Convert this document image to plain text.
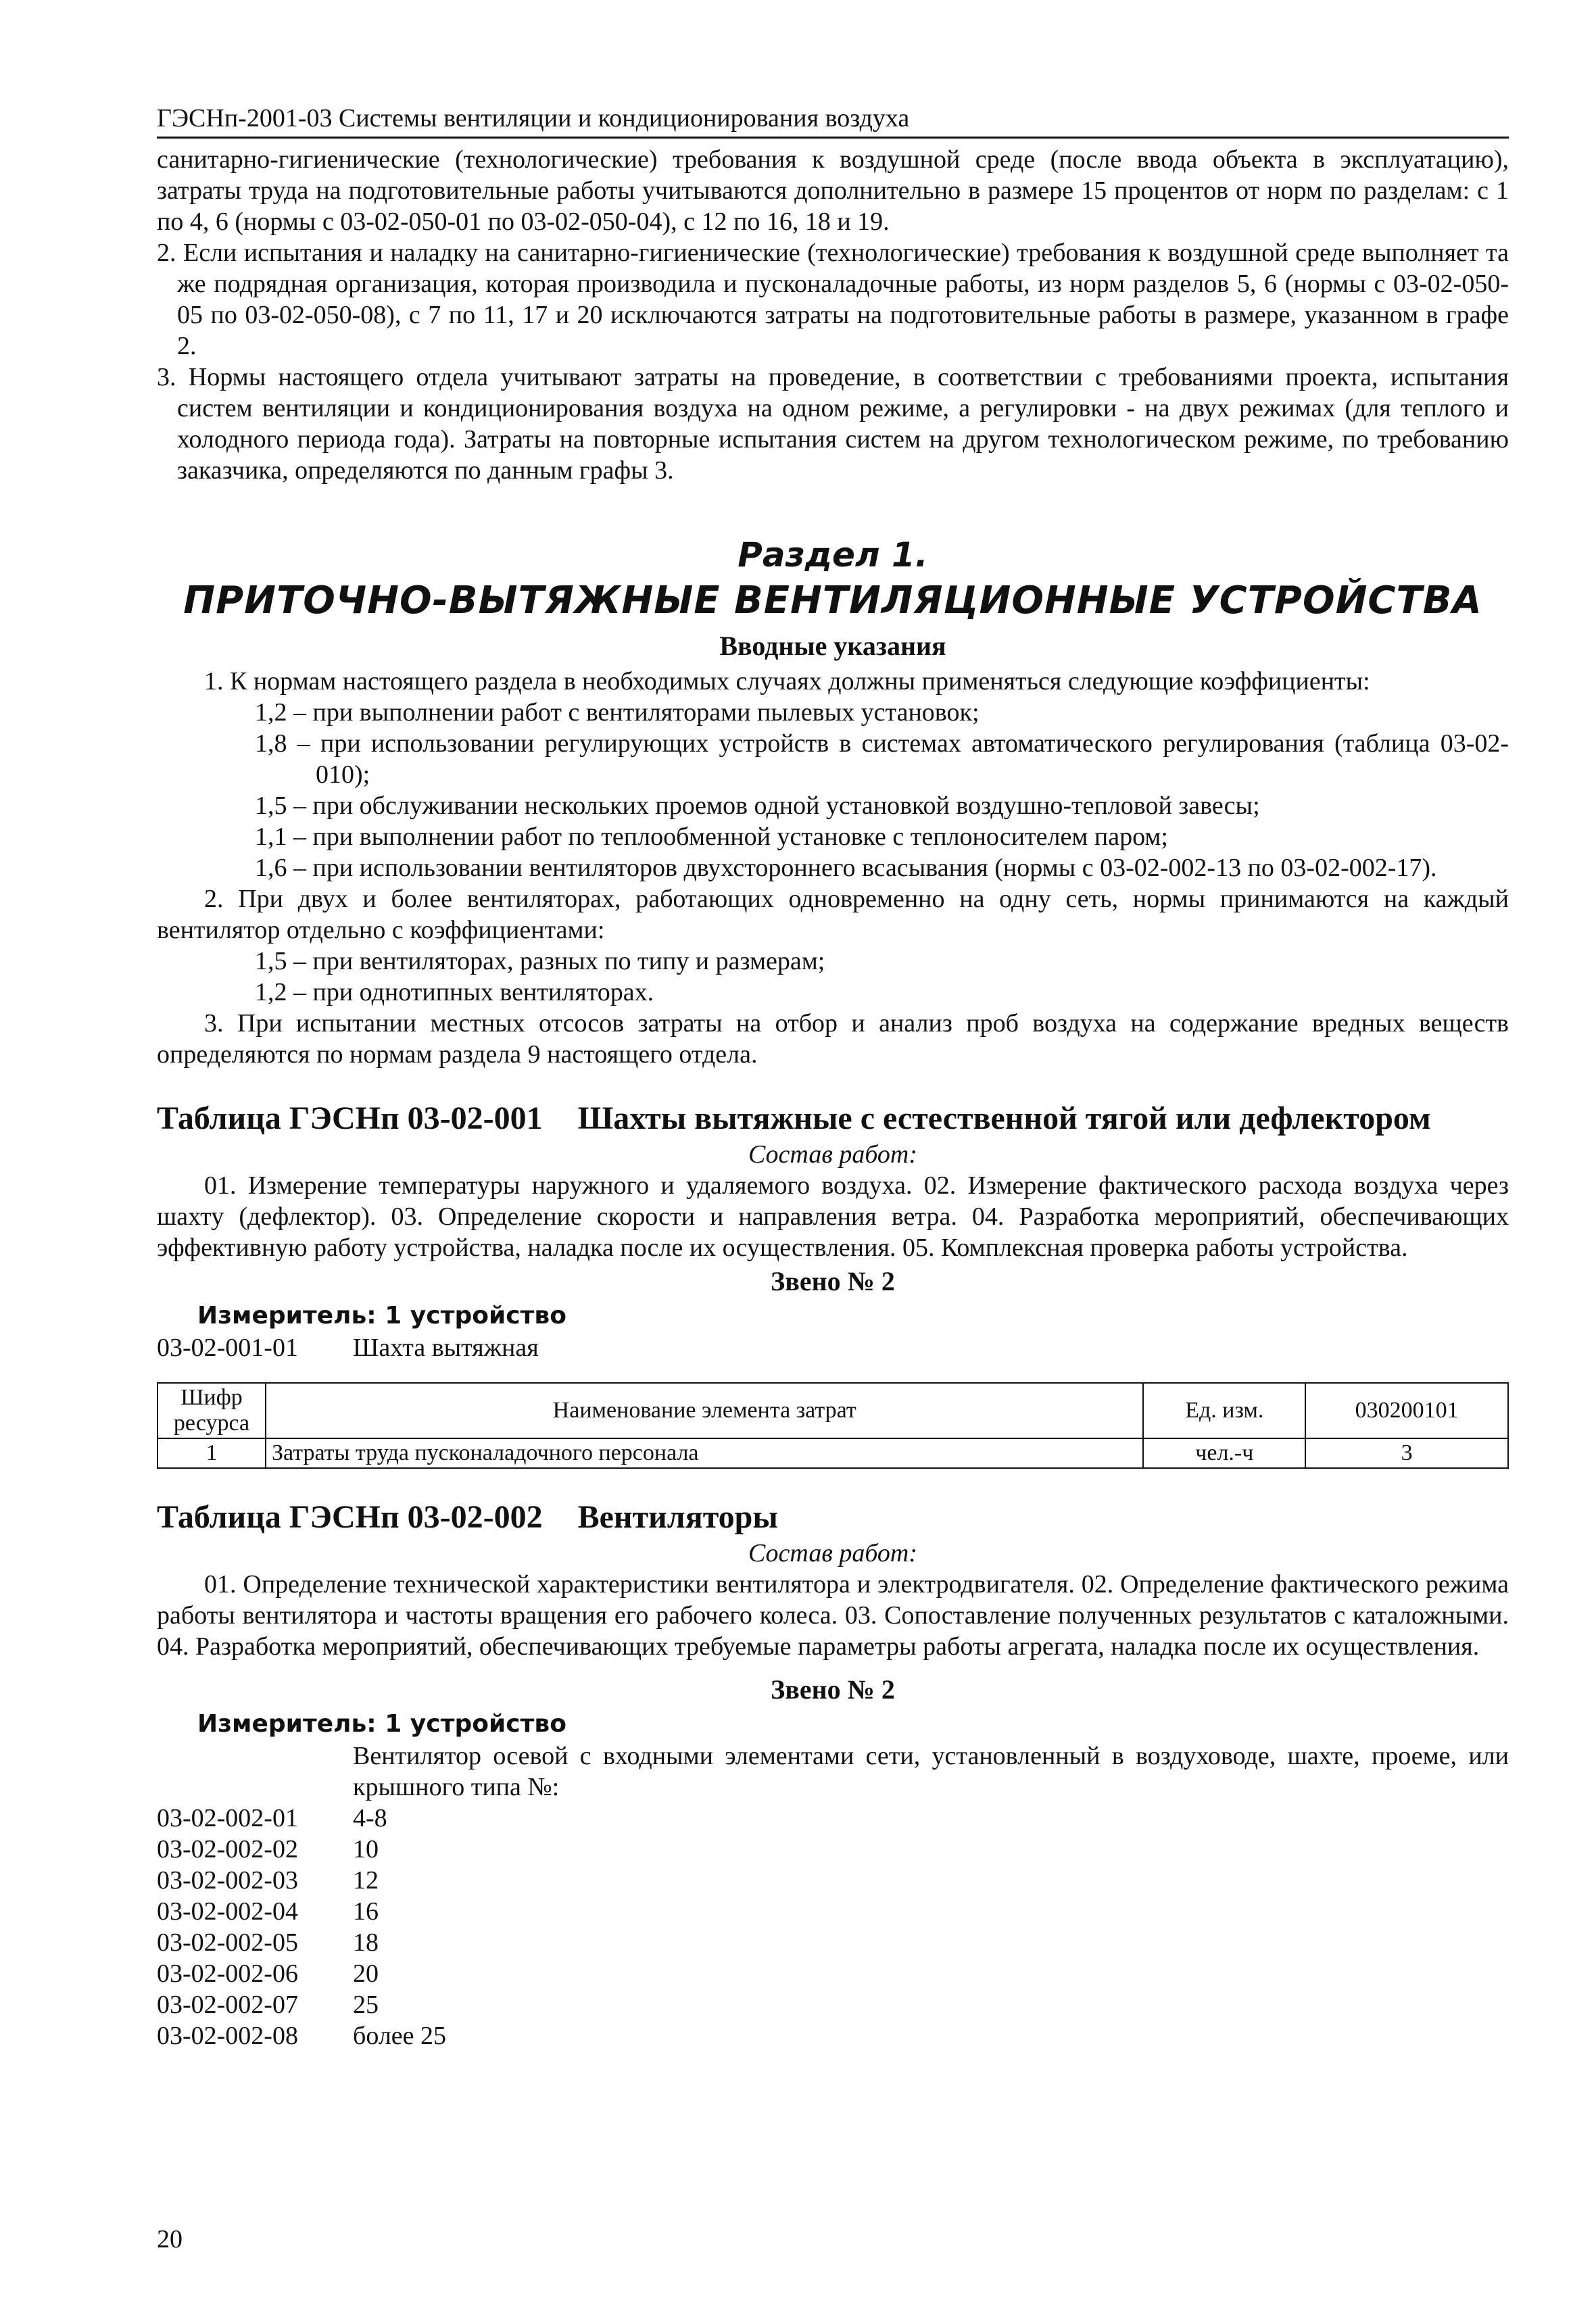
ГЭСНп-2001-03 Системы вентиляции и кондиционирования воздуха

санитарно-гигиенические (технологические) требования к воздушной среде (после ввода объекта в эксплуатацию), затраты труда на подготовительные работы учитываются дополнительно в размере 15 процентов от норм по разделам: с 1 по 4, 6 (нормы с 03-02-050-01 по 03-02-050-04), с 12 по 16, 18 и 19.

2. Если испытания и наладку на санитарно-гигиенические (технологические) требования к воздушной среде выполняет та же подрядная организация, которая производила и пусконаладочные работы, из норм разделов 5, 6 (нормы с 03-02-050-05 по 03-02-050-08), с 7 по 11, 17 и 20 исключаются затраты на подготовительные работы в размере, указанном в графе 2.

3. Нормы настоящего отдела учитывают затраты на проведение, в соответствии с требованиями проекта, испытания систем вентиляции и кондиционирования воздуха на одном режиме, а регулировки - на двух режимах (для теплого и холодного периода года). Затраты на повторные испытания систем на другом технологическом режиме, по требованию заказчика, определяются по данным графы 3.

Раздел 1.
ПРИТОЧНО-ВЫТЯЖНЫЕ ВЕНТИЛЯЦИОННЫЕ УСТРОЙСТВА
Вводные указания

1. К нормам настоящего раздела в необходимых случаях должны применяться следующие коэффициенты:

1,2 – при выполнении работ с вентиляторами пылевых установок;

1,8 – при использовании регулирующих устройств в системах автоматического регулирования (таблица 03-02-010);

1,5 – при обслуживании нескольких проемов одной установкой воздушно-тепловой завесы;

1,1 – при выполнении работ по теплообменной установке с теплоносителем паром;

1,6 – при использовании вентиляторов двухстороннего всасывания (нормы с 03-02-002-13 по 03-02-002-17).

2. При двух и более вентиляторах, работающих одновременно на одну сеть, нормы принимаются на каждый вентилятор отдельно с коэффициентами:

1,5 – при вентиляторах, разных по типу и размерам;

1,2 – при однотипных вентиляторах.

3. При испытании местных отсосов затраты на отбор и анализ проб воздуха на содержание вредных веществ определяются по нормам раздела 9 настоящего отдела.

Таблица ГЭСНп 03-02-001 Шахты вытяжные с естественной тягой или дефлектором
Состав работ:

01. Измерение температуры наружного и удаляемого воздуха. 02. Измерение фактического расхода воздуха через шахту (дефлектор). 03. Определение скорости и направления ветра. 04. Разработка мероприятий, обеспечивающих эффективную работу устройства, наладка после их осуществления. 05. Комплексная проверка работы устройства.

Звено № 2
Измеритель: 1 устройство
03-02-001-01	Шахта вытяжная
Шифр ресурса	Наименование элемента затрат	Ед. изм.	030200101
1	Затраты труда пусконаладочного персонала	чел.-ч	3
Таблица ГЭСНп 03-02-002 Вентиляторы
Состав работ:

01. Определение технической характеристики вентилятора и электродвигателя. 02. Определение фактического режима работы вентилятора и частоты вращения его рабочего колеса. 03. Сопоставление полученных результатов с каталожными. 04. Разработка мероприятий, обеспечивающих требуемые параметры работы агрегата, наладка после их осуществления.

Звено № 2
Измеритель: 1 устройство

Вентилятор осевой с входными элементами сети, установленный в воздуховоде, шахте, проеме, или крышного типа №:

03-02-002-01	4-8
03-02-002-02	10
03-02-002-03	12
03-02-002-04	16
03-02-002-05	18
03-02-002-06	20
03-02-002-07	25
03-02-002-08	более 25
20
